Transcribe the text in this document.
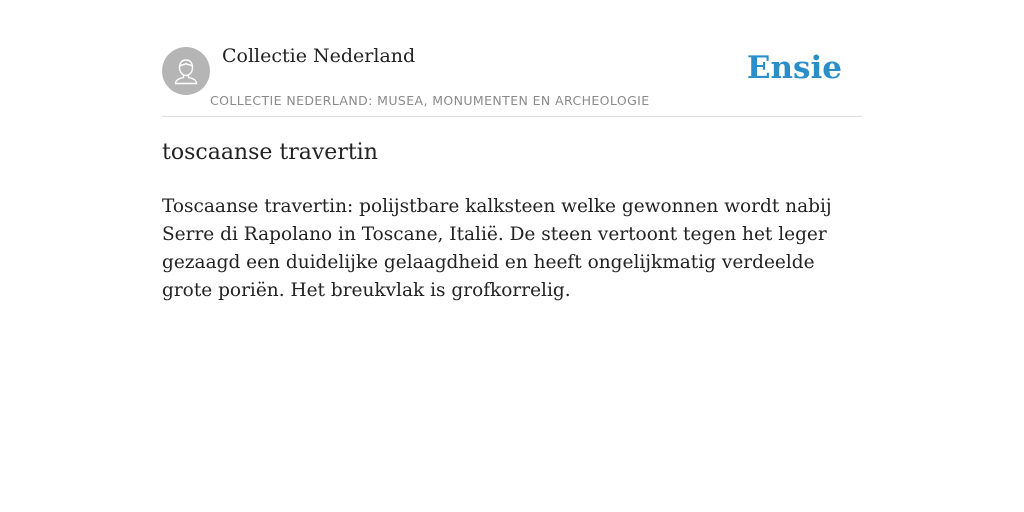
Collectie Nederland
COLLECTIE NEDERLAND: MUSEA, MONUMENTEN EN ARCHEOLOGIE
Ensie
toscaanse travertin

Toscaanse travertin: polijstbare kalksteen welke gewonnen wordt nabij Serre di Rapolano in Toscane, Italië. De steen vertoont tegen het leger gezaagd een duidelijke gelaagdheid en heeft ongelijkmatig verdeelde grote poriën. Het breukvlak is grofkorrelig.
